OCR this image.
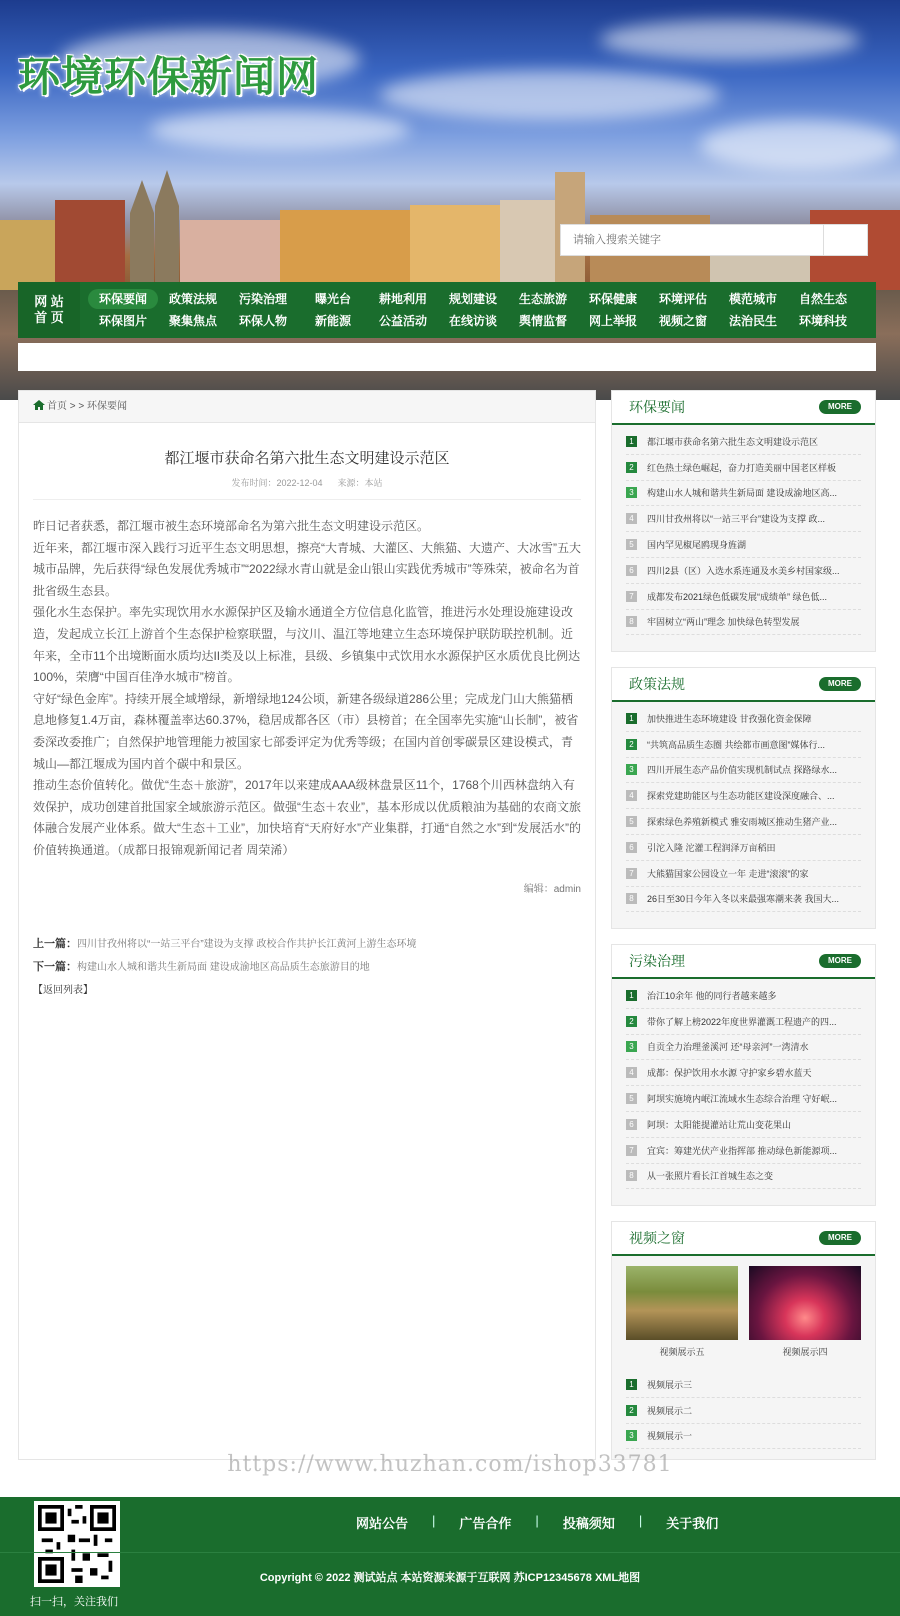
环境环保新闻网
请输入搜索关键字
网 站
首 页
环保要闻	政策法规	污染治理	曝光台	耕地利用	规划建设	生态旅游	环保健康	环境评估	模范城市	自然生态
环保图片	聚集焦点	环保人物	新能源	公益活动	在线访谈	舆情监督	网上举报	视频之窗	法治民生	环境科技
首页 > > 环保要闻
都江堰市获命名第六批生态文明建设示范区
发布时间：2022-12-04      来源：本站

昨日记者获悉，都江堰市被生态环境部命名为第六批生态文明建设示范区。

近年来，都江堰市深入践行习近平生态文明思想，擦亮“大青城、大灌区、大熊猫、大遗产、大冰雪”五大城市品牌，先后获得“绿色发展优秀城市”“2022绿水青山就是金山银山实践优秀城市”等殊荣，被命名为首批省级生态县。

强化水生态保护。率先实现饮用水水源保护区及输水通道全方位信息化监管，推进污水处理设施建设改造，发起成立长江上游首个生态保护检察联盟，与汶川、温江等地建立生态环境保护联防联控机制。近年来，全市11个出境断面水质均达II类及以上标准，县级、乡镇集中式饮用水水源保护区水质优良比例达100%，荣膺“中国百佳净水城市”榜首。

守好“绿色金库”。持续开展全域增绿，新增绿地124公顷，新建各级绿道286公里；完成龙门山大熊猫栖息地修复1.4万亩，森林覆盖率达60.37%，稳居成都各区（市）县榜首；在全国率先实施“山长制”，被省委深改委推广；自然保护地管理能力被国家七部委评定为优秀等级；在国内首创零碳景区建设模式，青城山—都江堰成为国内首个碳中和景区。

推动生态价值转化。做优“生态＋旅游”，2017年以来建成AAA级林盘景区11个，1768个川西林盘纳入有效保护，成功创建首批国家全域旅游示范区。做强“生态＋农业”，基本形成以优质粮油为基础的农商文旅体融合发展产业体系。做大“生态＋工业”，加快培育“天府好水”产业集群，打通“自然之水”到“发展活水”的价值转换通道。（成都日报锦观新闻记者 周荣浠）

编辑：admin
上一篇：四川甘孜州将以“一站三平台”建设为支撑 政校合作共护长江黄河上游生态环境
下一篇：构建山水人城和谐共生新局面 建设成渝地区高品质生态旅游目的地
【返回列表】
环保要闻	MORE
1	都江堰市获命名第六批生态文明建设示范区
2	红色热土绿色崛起，奋力打造美丽中国老区样板
3	构建山水人城和谐共生新局面 建设成渝地区高...
4	四川甘孜州将以“一站三平台”建设为支撑 政...
5	国内罕见椒尾鸥现身旌湖
6	四川2县（区）入选水系连通及水美乡村国家级...
7	成都发布2021绿色低碳发展“成绩单” 绿色低...
8	牢固树立“两山”理念 加快绿色转型发展
政策法规	MORE
1	加快推进生态环境建设 甘孜强化资金保障
2	“共筑高品质生态圈 共绘都市画意图”媒体行...
3	四川开展生态产品价值实现机制试点 探路绿水...
4	探索党建助能区与生态功能区建设深度融合、...
5	探索绿色养殖新模式 雅安雨城区推动生猪产业...
6	引沱入隆 沱灌工程润泽万亩稻田
7	大熊猫国家公园设立一年 走进“滚滚”的家
8	26日至30日今年入冬以来最强寒潮来袭 我国大...
污染治理	MORE
1	治江10余年 他的同行者越来越多
2	带你了解上榜2022年度世界灌溉工程遗产的四...
3	自贡全力治理釜溪河 还“母亲河”一湾清水
4	成都：保护饮用水水源 守护家乡碧水蓝天
5	阿坝实施境内岷江流域水生态综合治理 守好岷...
6	阿坝：太阳能提灌站让荒山变花果山
7	宜宾：筹建光伏产业指挥部 推动绿色新能源项...
8	从一张照片看长江首城生态之变
视频之窗	MORE
视频展示五	视频展示四
1	视频展示三
2	视频展示二
3	视频展示一
https://www.huzhan.com/ishop33781
扫一扫，关注我们
网站公告	|	广告合作	|	投稿须知	|	关于我们
Copyright © 2022 测试站点 本站资源来源于互联网 苏ICP12345678 XML地图
